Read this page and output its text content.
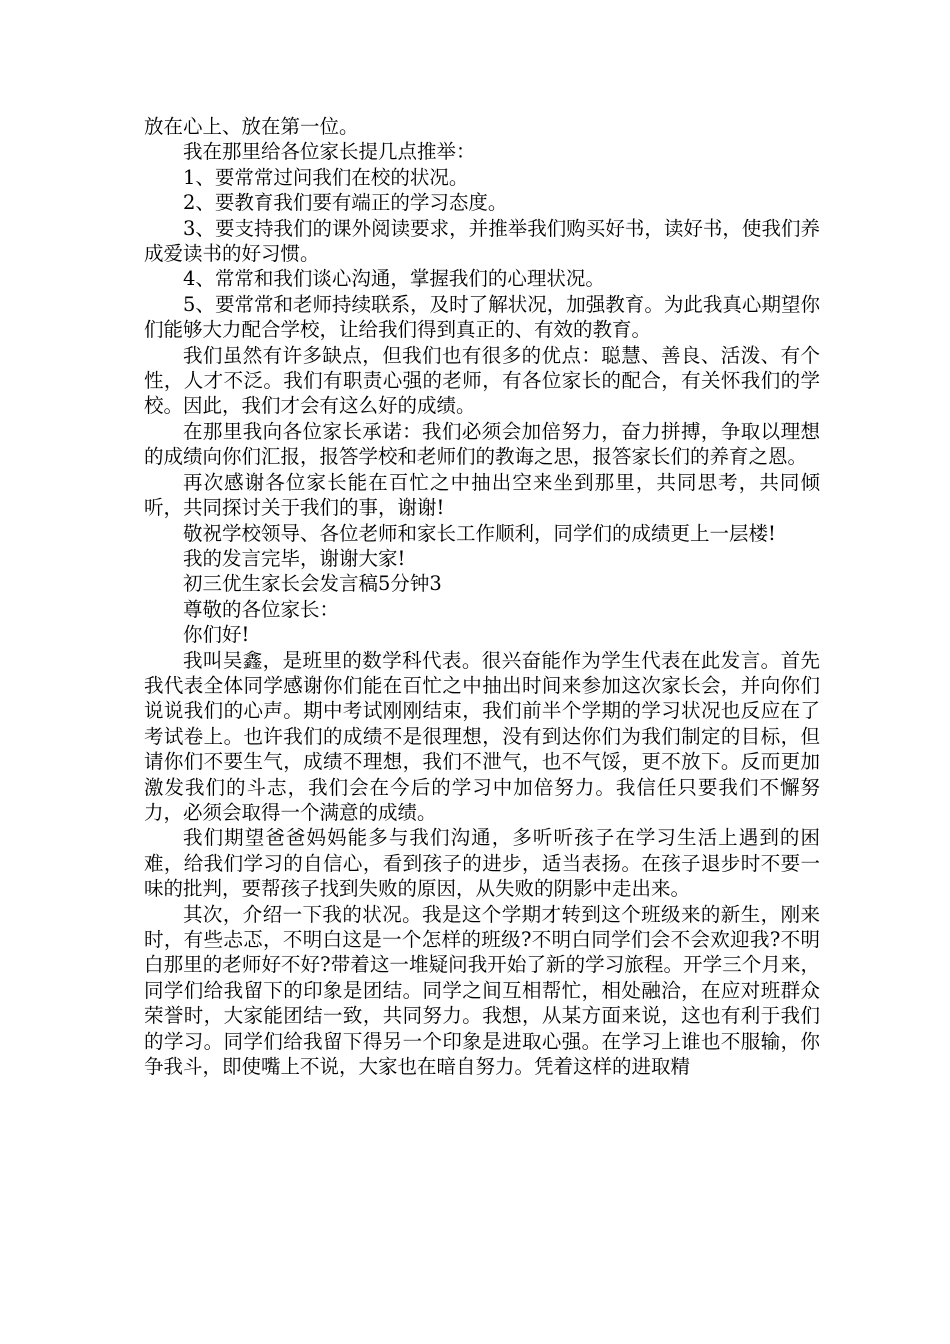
放在心上、放在第一位。

我在那里给各位家长提几点推举：

1、要常常过问我们在校的状况。

2、要教育我们要有端正的学习态度。

3、要支持我们的课外阅读要求，并推举我们购买好书，读好书，使我们养成爱读书的好习惯。

4、常常和我们谈心沟通，掌握我们的心理状况。

5、要常常和老师持续联系，及时了解状况，加强教育。为此我真心期望你们能够大力配合学校，让给我们得到真正的、有效的教育。

我们虽然有许多缺点，但我们也有很多的优点：聪慧、善良、活泼、有个性，人才不泛。我们有职责心强的老师，有各位家长的配合，有关怀我们的学校。因此，我们才会有这么好的成绩。

在那里我向各位家长承诺：我们必须会加倍努力，奋力拼搏，争取以理想的成绩向你们汇报，报答学校和老师们的教诲之思，报答家长们的养育之恩。

再次感谢各位家长能在百忙之中抽出空来坐到那里，共同思考，共同倾听，共同探讨关于我们的事，谢谢!

敬祝学校领导、各位老师和家长工作顺利，同学们的成绩更上一层楼!

我的发言完毕，谢谢大家!

初三优生家长会发言稿5分钟3

尊敬的各位家长：

你们好!

我叫吴鑫，是班里的数学科代表。很兴奋能作为学生代表在此发言。首先我代表全体同学感谢你们能在百忙之中抽出时间来参加这次家长会，并向你们说说我们的心声。期中考试刚刚结束，我们前半个学期的学习状况也反应在了考试卷上。也许我们的成绩不是很理想，没有到达你们为我们制定的目标，但请你们不要生气，成绩不理想，我们不泄气，也不气馁，更不放下。反而更加激发我们的斗志，我们会在今后的学习中加倍努力。我信任只要我们不懈努力，必须会取得一个满意的成绩。

我们期望爸爸妈妈能多与我们沟通，多听听孩子在学习生活上遇到的困难，给我们学习的自信心，看到孩子的进步，适当表扬。在孩子退步时不要一味的批判，要帮孩子找到失败的原因，从失败的阴影中走出来。

其次，介绍一下我的状况。我是这个学期才转到这个班级来的新生，刚来时，有些忐忑，不明白这是一个怎样的班级?不明白同学们会不会欢迎我?不明白那里的老师好不好?带着这一堆疑问我开始了新的学习旅程。开学三个月来，同学们给我留下的印象是团结。同学之间互相帮忙，相处融洽，在应对班群众荣誉时，大家能团结一致，共同努力。我想，从某方面来说，这也有利于我们的学习。同学们给我留下得另一个印象是进取心强。在学习上谁也不服输，你争我斗，即使嘴上不说，大家也在暗自努力。凭着这样的进取精
